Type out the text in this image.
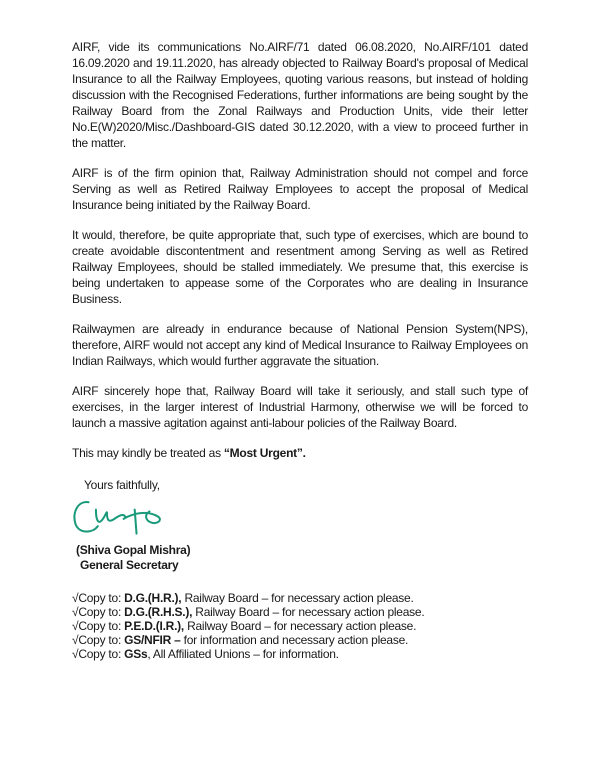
AIRF, vide its communications No.AIRF/71 dated 06.08.2020, No.AIRF/101 dated 16.09.2020 and 19.11.2020, has already objected to Railway Board's proposal of Medical Insurance to all the Railway Employees, quoting various reasons, but instead of holding discussion with the Recognised Federations, further informations are being sought by the Railway Board from the Zonal Railways and Production Units, vide their letter No.E(W)2020/Misc./Dashboard-GIS dated 30.12.2020, with a view to proceed further in the matter.

AIRF is of the firm opinion that, Railway Administration should not compel and force Serving as well as Retired Railway Employees to accept the proposal of Medical Insurance being initiated by the Railway Board.

It would, therefore, be quite appropriate that, such type of exercises, which are bound to create avoidable discontentment and resentment among Serving as well as Retired Railway Employees, should be stalled immediately. We presume that, this exercise is being undertaken to appease some of the Corporates who are dealing in Insurance Business.

Railwaymen are already in endurance because of National Pension System(NPS), therefore, AIRF would not accept any kind of Medical Insurance to Railway Employees on Indian Railways, which would further aggravate the situation.

AIRF sincerely hope that, Railway Board will take it seriously, and stall such type of exercises, in the larger interest of Industrial Harmony, otherwise we will be forced to launch a massive agitation against anti-labour policies of the Railway Board.

This may kindly be treated as “Most Urgent”.

Yours faithfully,
(Shiva Gopal Mishra)
General Secretary
√Copy to: D.G.(H.R.), Railway Board – for necessary action please.
√Copy to: D.G.(R.H.S.), Railway Board – for necessary action please.
√Copy to: P.E.D.(I.R.), Railway Board – for necessary action please.
√Copy to: GS/NFIR – for information and necessary action please.
√Copy to: GSs, All Affiliated Unions – for information.
